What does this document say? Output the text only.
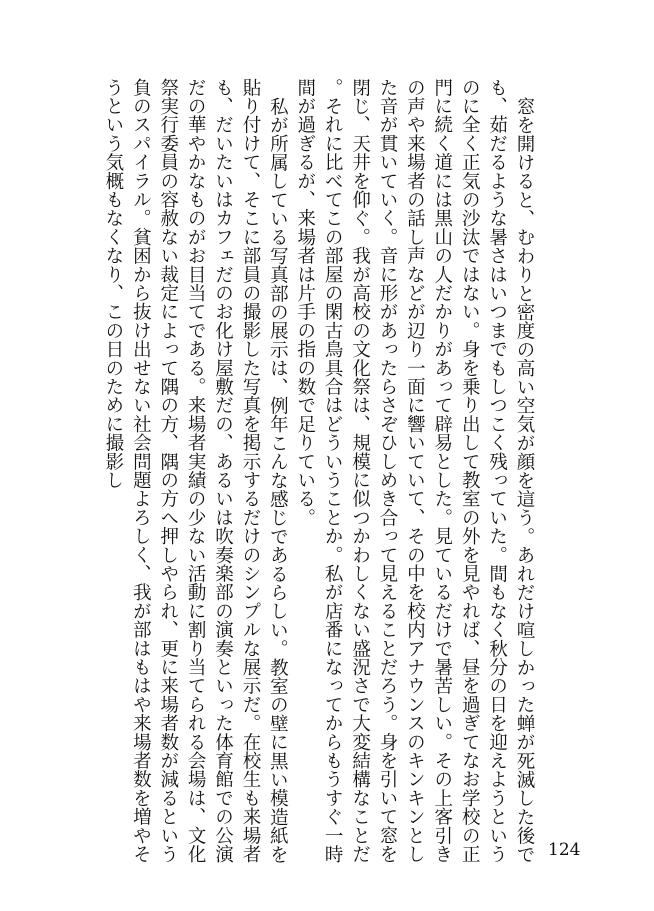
窓を開けると、むわりと密度の高い空気が顔を這う。あれだけ喧しかった蝉が死滅した後でも、茹だるような暑さはいつまでもしつこく残っていた。間もなく秋分の日を迎えようというのに全く正気の沙汰ではない。身を乗り出して教室の外を見やれば、昼を過ぎてなお学校の正門に続く道には黒山の人だかりがあって辟易とした。見ているだけで暑苦しい。その上客引きの声や来場者の話し声などが辺り一面に響いていて、その中を校内アナウンスのキンキンとした音が貫いていく。音に形があったらさぞひしめき合って見えることだろう。身を引いて窓を閉じ、天井を仰ぐ。我が高校の文化祭は、規模に似つかわしくない盛況さで大変結構なことだ。それに比べてこの部屋の閑古鳥具合はどういうことか。私が店番になってからもうすぐ一時間が過ぎるが、来場者は片手の指の数で足りている。

私が所属している写真部の展示は、例年こんな感じであるらしい。教室の壁に黒い模造紙を貼り付けて、そこに部員の撮影した写真を掲示するだけのシンプルな展示だ。在校生も来場者も、だいたいはカフェだのお化け屋敷だの、あるいは吹奏楽部の演奏といった体育館での公演だの華やかなものがお目当てである。来場者実績の少ない活動に割り当てられる会場は、文化祭実行委員の容赦ない裁定によって隅の方、隅の方へ押しやられ、更に来場者数が減るという負のスパイラル。貧困から抜け出せない社会問題よろしく、我が部はもはや来場者数を増やそうという気概もなくなり、この日のために撮影し

124
